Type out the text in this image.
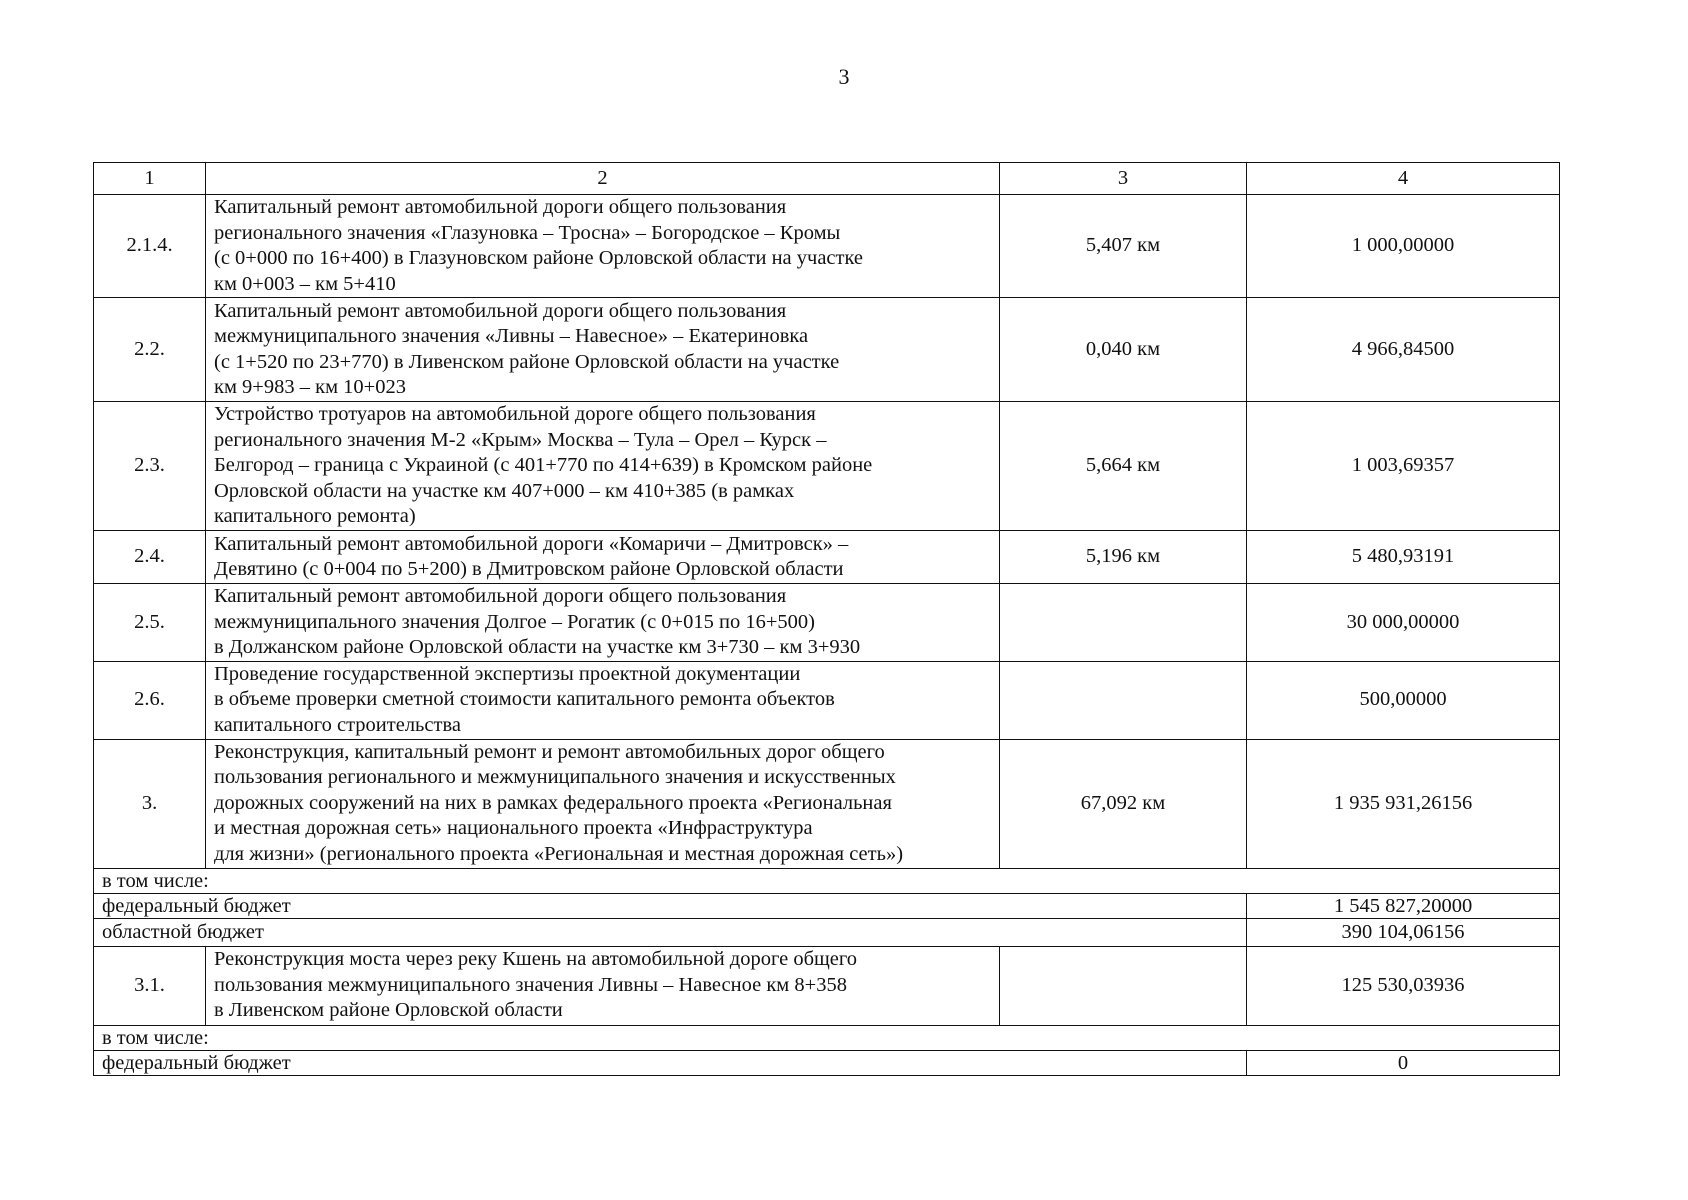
3
1	2	3	4
2.1.4.	Капитальный ремонт автомобильной дороги общего пользования
регионального значения «Глазуновка – Тросна» – Богородское – Кромы
(с 0+000 по 16+400) в Глазуновском районе Орловской области на участке
км 0+003 – км 5+410	5,407 км	1 000,00000
2.2.	Капитальный ремонт автомобильной дороги общего пользования
межмуниципального значения «Ливны – Навесное» – Екатериновка
(с 1+520 по 23+770) в Ливенском районе Орловской области на участке
км 9+983 – км 10+023	0,040 км	4 966,84500
2.3.	Устройство тротуаров на автомобильной дороге общего пользования
регионального значения М-2 «Крым» Москва – Тула – Орел – Курск –
Белгород – граница с Украиной (с 401+770 по 414+639) в Кромском районе
Орловской области на участке км 407+000 – км 410+385 (в рамках
капитального ремонта)	5,664 км	1 003,69357
2.4.	Капитальный ремонт автомобильной дороги «Комаричи – Дмитровск» –
Девятино (с 0+004 по 5+200) в Дмитровском районе Орловской области	5,196 км	5 480,93191
2.5.	Капитальный ремонт автомобильной дороги общего пользования
межмуниципального значения Долгое – Рогатик (с 0+015 по 16+500)
в Должанском районе Орловской области на участке км 3+730 – км 3+930		30 000,00000
2.6.	Проведение государственной экспертизы проектной документации
в объеме проверки сметной стоимости капитального ремонта объектов
капитального строительства		500,00000
3.	Реконструкция, капитальный ремонт и ремонт автомобильных дорог общего
пользования регионального и межмуниципального значения и искусственных
дорожных сооружений на них в рамках федерального проекта «Региональная
и местная дорожная сеть» национального проекта «Инфраструктура
для жизни» (регионального проекта «Региональная и местная дорожная сеть»)	67,092 км	1 935 931,26156
в том числе:			
федеральный бюджет			1 545 827,20000
областной бюджет			390 104,06156
3.1.	Реконструкция моста через реку Кшень на автомобильной дороге общего
пользования межмуниципального значения Ливны – Навесное км 8+358
в Ливенском районе Орловской области		125 530,03936
в том числе:			
федеральный бюджет			0
